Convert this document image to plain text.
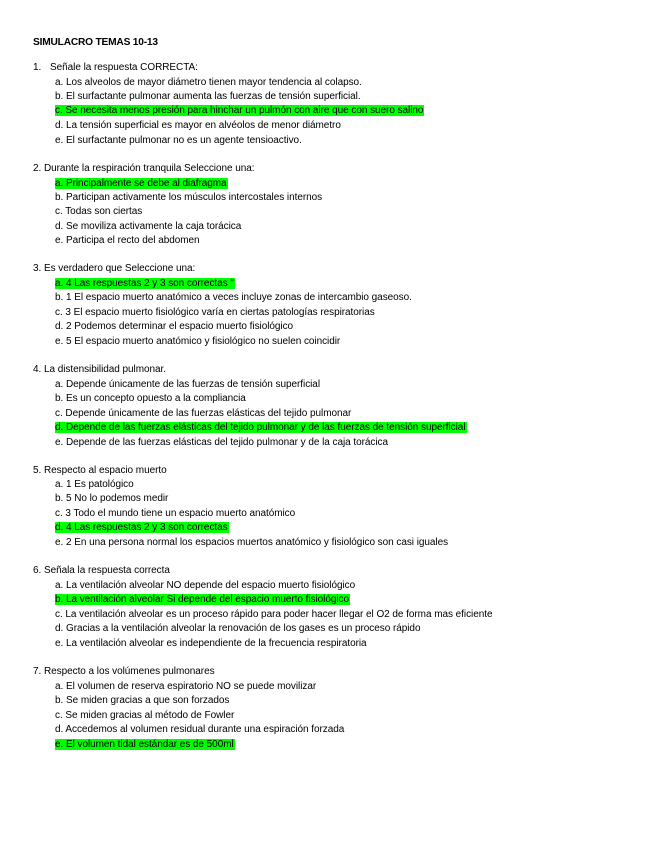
SIMULACRO TEMAS 10-13
1. Señale la respuesta CORRECTA:
a. Los alveolos de mayor diámetro tienen mayor tendencia al colapso.
b. El surfactante pulmonar aumenta las fuerzas de tensión superficial.
c. Se necesita menos presión para hinchar un pulmón con aire que con suero salino
d. La tensión superficial es mayor en alvéolos de menor diámetro
e. El surfactante pulmonar no es un agente tensioactivo.
2. Durante la respiración tranquila Seleccione una:
a. Principalmente se debe al diafragma
b. Participan activamente los músculos intercostales internos
c. Todas son ciertas
d. Se moviliza activamente la caja torácica
e. Participa el recto del abdomen
3. Es verdadero que Seleccione una:
a. 4 Las respuestas 2 y 3 son correctas "
b. 1 El espacio muerto anatómico a veces incluye zonas de intercambio gaseoso.
c. 3 El espacio muerto fisiológico varía en ciertas patologías respiratorias
d. 2 Podemos determinar el espacio muerto fisiológico
e. 5 El espacio muerto anatómico y fisiológico no suelen coincidir
4. La distensibilidad pulmonar.
a. Depende únicamente de las fuerzas de tensión superficial
b. Es un concepto opuesto a la compliancia
c. Depende únicamente de las fuerzas elásticas del tejido pulmonar
d. Depende de las fuerzas elásticas del tejido pulmonar y de las fuerzas de tensión superficial
e. Depende de las fuerzas elásticas del tejido pulmonar y de la caja torácica
5. Respecto al espacio muerto
a. 1 Es patológico
b. 5 No lo podemos medir
c. 3 Todo el mundo tiene un espacio muerto anatómico
d. 4 Las respuestas 2 y 3 son correctas
e. 2 En una persona normal los espacios muertos anatómico y fisiológico son casi iguales
6. Señala la respuesta correcta
a. La ventilación alveolar NO depende del espacio muerto fisiológico
b. La ventilación alveolar Si depende del espacio muerto fisiológico
c. La ventilación alveolar es un proceso rápido para poder hacer llegar el O2 de forma mas eficiente
d. Gracias a la ventilación alveolar la renovación de los gases es un proceso rápido
e. La ventilación alveolar es independiente de la frecuencia respiratoria
7. Respecto a los volúmenes pulmonares
a. El volumen de reserva espiratorio NO se puede movilizar
b. Se miden gracias a que son forzados
c. Se miden gracias al método de Fowler
d. Accedemos al volumen residual durante una espiración forzada
e. El volumen tidal estándar es de 500ml
